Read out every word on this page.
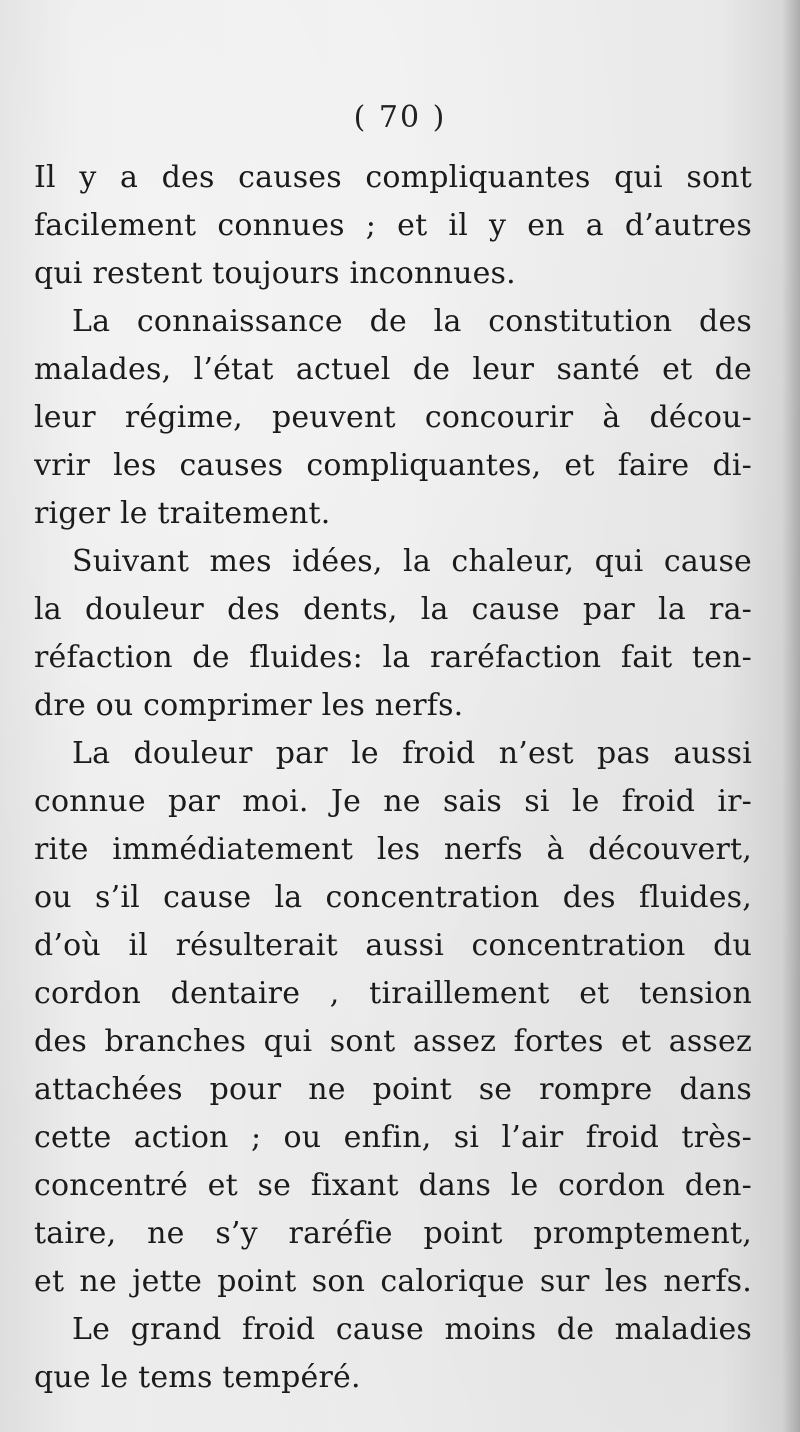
( 70 )
Il y a des causes compliquantes qui sont
facilement connues ; et il y en a d’autres
qui restent toujours inconnues.
La connaissance de la constitution des
malades, l’état actuel de leur santé et de
leur régime, peuvent concourir à décou-
vrir les causes compliquantes, et faire di-
riger le traitement.
Suivant mes idées, la chaleur, qui cause
la douleur des dents, la cause par la ra-
réfaction de fluides: la raréfaction fait ten-
dre ou comprimer les nerfs.
La douleur par le froid n’est pas aussi
connue par moi. Je ne sais si le froid ir-
rite immédiatement les nerfs à découvert,
ou s’il cause la concentration des fluides,
d’où il résulterait aussi concentration du
cordon dentaire , tiraillement et tension
des branches qui sont assez fortes et assez
attachées pour ne point se rompre dans
cette action ; ou enfin, si l’air froid très-
concentré et se fixant dans le cordon den-
taire, ne s’y raréfie point promptement,
et ne jette point son calorique sur les nerfs.
Le grand froid cause moins de maladies
que le tems tempéré.
